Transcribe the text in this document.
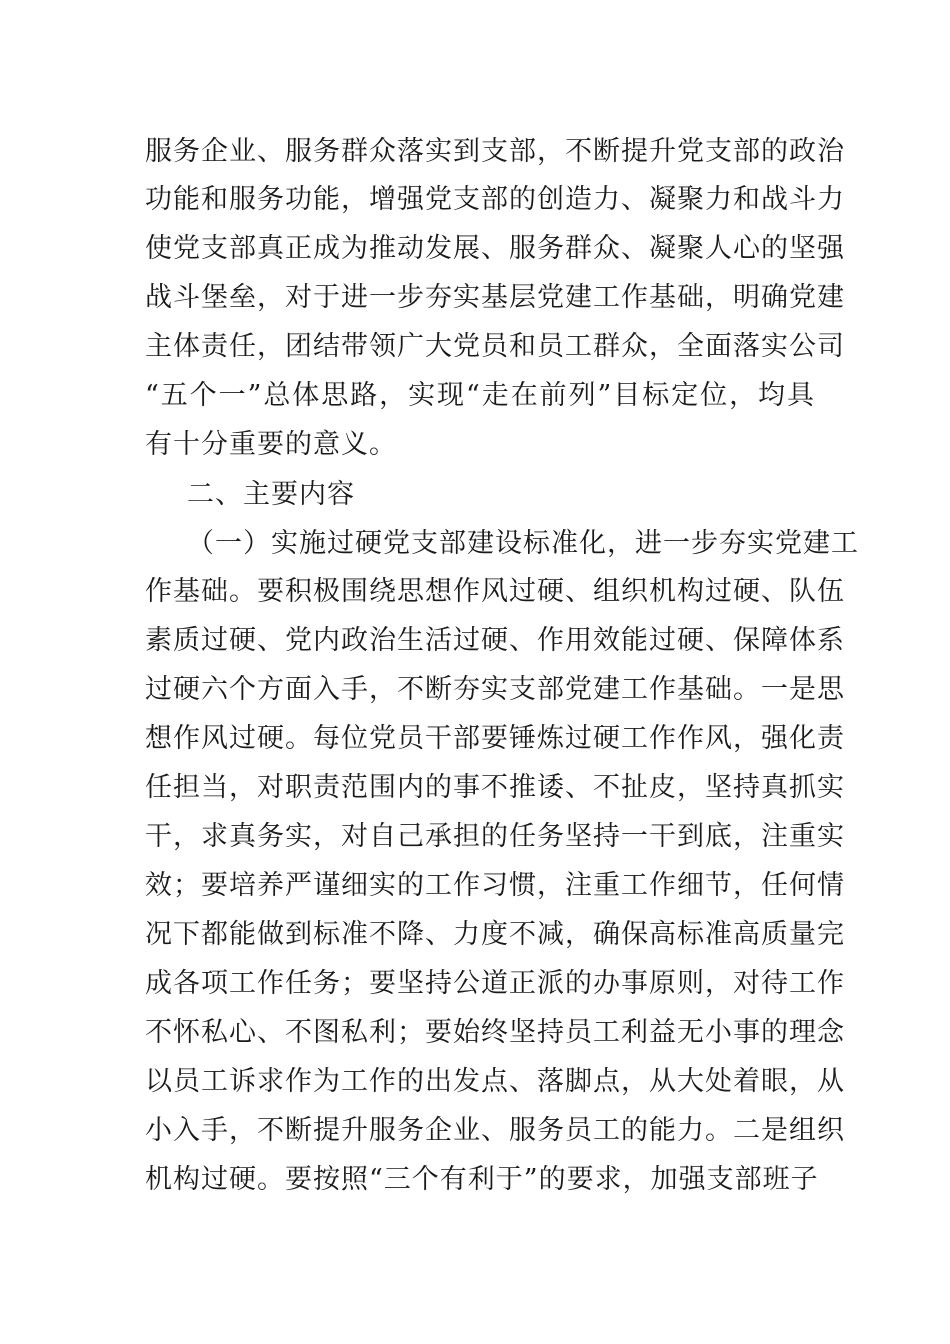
服务企业、服务群众落实到支部，不断提升党支部的政治
功能和服务功能，增强党支部的创造力、凝聚力和战斗力
使党支部真正成为推动发展、服务群众、凝聚人心的坚强
战斗堡垒，对于进一步夯实基层党建工作基础，明确党建
主体责任，团结带领广大党员和员工群众，全面落实公司
“五个一”总体思路，实现“走在前列”目标定位，均具
有十分重要的意义。
二、主要内容
（一）实施过硬党支部建设标准化，进一步夯实党建工
作基础。要积极围绕思想作风过硬、组织机构过硬、队伍
素质过硬、党内政治生活过硬、作用效能过硬、保障体系
过硬六个方面入手，不断夯实支部党建工作基础。一是思
想作风过硬。每位党员干部要锤炼过硬工作作风，强化责
任担当，对职责范围内的事不推诿、不扯皮，坚持真抓实
干，求真务实，对自己承担的任务坚持一干到底，注重实
效；要培养严谨细实的工作习惯，注重工作细节，任何情
况下都能做到标准不降、力度不减，确保高标准高质量完
成各项工作任务；要坚持公道正派的办事原则，对待工作
不怀私心、不图私利；要始终坚持员工利益无小事的理念
以员工诉求作为工作的出发点、落脚点，从大处着眼，从
小入手，不断提升服务企业、服务员工的能力。二是组织
机构过硬。要按照“三个有利于”的要求，加强支部班子
